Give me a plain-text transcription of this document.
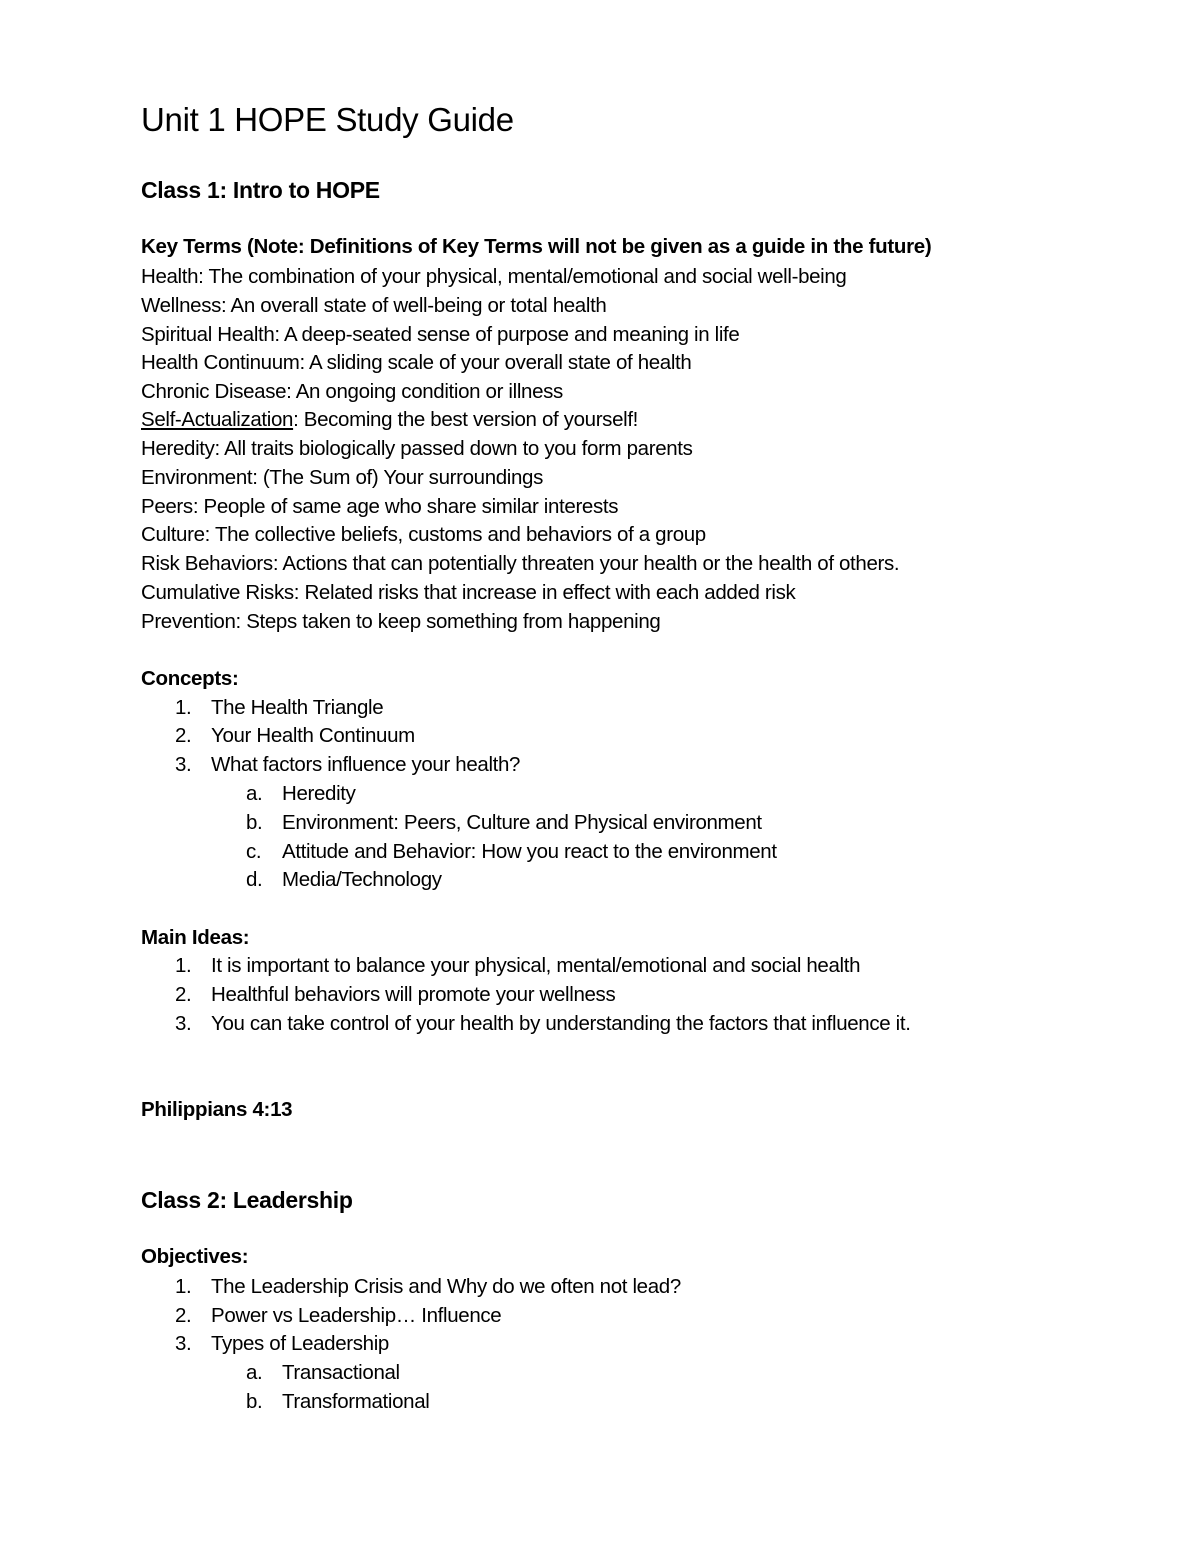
Unit 1 HOPE Study Guide
Class 1: Intro to HOPE
Key Terms (Note: Definitions of Key Terms will not be given as a guide in the future)
Health: The combination of your physical, mental/emotional and social well-being
Wellness: An overall state of well-being or total health
Spiritual Health: A deep-seated sense of purpose and meaning in life
Health Continuum: A sliding scale of your overall state of health
Chronic Disease: An ongoing condition or illness
Self-Actualization: Becoming the best version of yourself!
Heredity: All traits biologically passed down to you form parents
Environment: (The Sum of) Your surroundings
Peers: People of same age who share similar interests
Culture: The collective beliefs, customs and behaviors of a group
Risk Behaviors: Actions that can potentially threaten your health or the health of others.
Cumulative Risks: Related risks that increase in effect with each added risk
Prevention: Steps taken to keep something from happening
Concepts:
1. The Health Triangle
2. Your Health Continuum
3. What factors influence your health?
a. Heredity
b. Environment: Peers, Culture and Physical environment
c. Attitude and Behavior: How you react to the environment
d. Media/Technology
Main Ideas:
1. It is important to balance your physical, mental/emotional and social health
2. Healthful behaviors will promote your wellness
3. You can take control of your health by understanding the factors that influence it.
Philippians 4:13
Class 2: Leadership
Objectives:
1. The Leadership Crisis and Why do we often not lead?
2. Power vs Leadership… Influence
3. Types of Leadership
a. Transactional
b. Transformational
